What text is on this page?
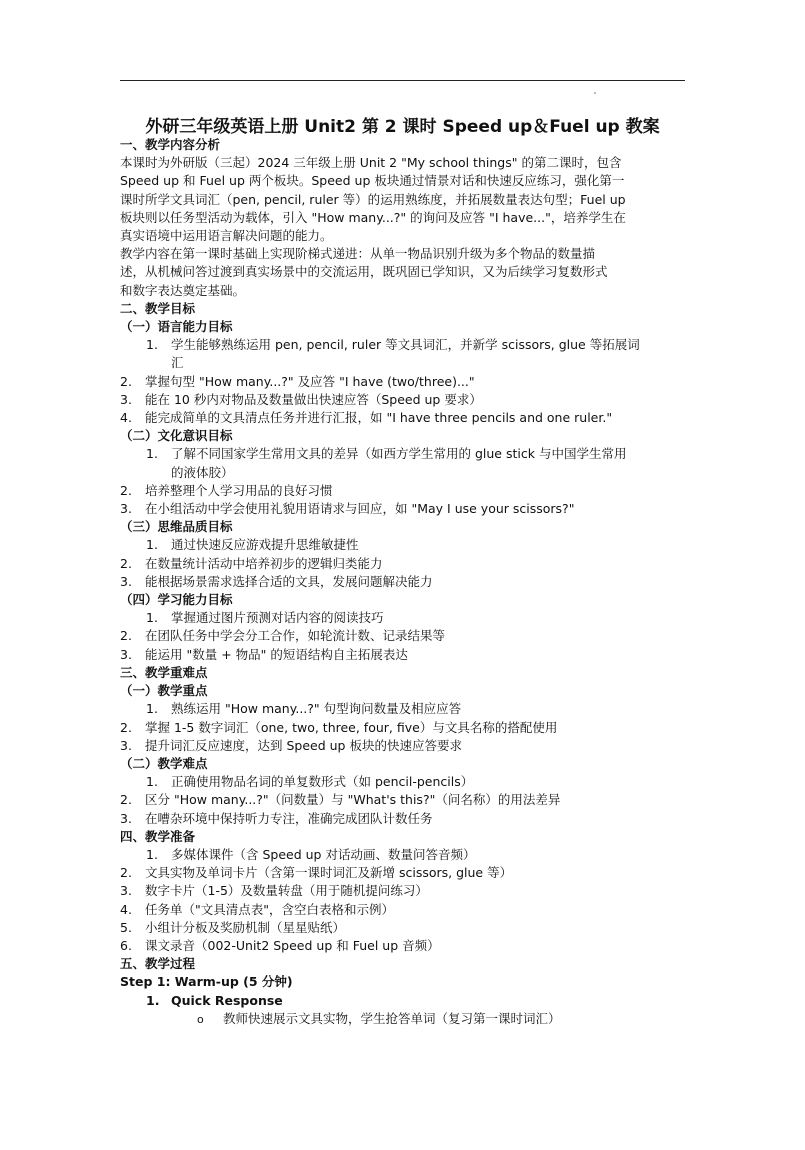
外研三年级英语上册 Unit2 第 2 课时 Speed up＆Fuel up 教案
一、教学内容分析
本课时为外研版（三起）2024 三年级上册 Unit 2 "My school things" 的第二课时，包含
Speed up 和 Fuel up 两个板块。Speed up 板块通过情景对话和快速反应练习，强化第一
课时所学文具词汇（pen, pencil, ruler 等）的运用熟练度，并拓展数量表达句型；Fuel up
板块则以任务型活动为载体，引入 "How many...?" 的询问及应答 "I have..."，培养学生在
真实语境中运用语言解决问题的能力。
教学内容在第一课时基础上实现阶梯式递进：从单一物品识别升级为多个物品的数量描
述，从机械问答过渡到真实场景中的交流运用，既巩固已学知识，又为后续学习复数形式
和数字表达奠定基础。
二、教学目标
（一）语言能力目标
1. 学生能够熟练运用 pen, pencil, ruler 等文具词汇，并新学 scissors, glue 等拓展词
汇
2. 掌握句型 "How many...?" 及应答 "I have (two/three)..."
3. 能在 10 秒内对物品及数量做出快速应答（Speed up 要求）
4. 能完成简单的文具清点任务并进行汇报，如 "I have three pencils and one ruler."
（二）文化意识目标
1. 了解不同国家学生常用文具的差异（如西方学生常用的 glue stick 与中国学生常用
的液体胶）
2. 培养整理个人学习用品的良好习惯
3. 在小组活动中学会使用礼貌用语请求与回应，如 "May I use your scissors?"
（三）思维品质目标
1. 通过快速反应游戏提升思维敏捷性
2. 在数量统计活动中培养初步的逻辑归类能力
3. 能根据场景需求选择合适的文具，发展问题解决能力
（四）学习能力目标
1. 掌握通过图片预测对话内容的阅读技巧
2. 在团队任务中学会分工合作，如轮流计数、记录结果等
3. 能运用 "数量 + 物品" 的短语结构自主拓展表达
三、教学重难点
（一）教学重点
1. 熟练运用 "How many...?" 句型询问数量及相应应答
2. 掌握 1-5 数字词汇（one, two, three, four, five）与文具名称的搭配使用
3. 提升词汇反应速度，达到 Speed up 板块的快速应答要求
（二）教学难点
1. 正确使用物品名词的单复数形式（如 pencil-pencils）
2. 区分 "How many...?"（问数量）与 "What's this?"（问名称）的用法差异
3. 在嘈杂环境中保持听力专注，准确完成团队计数任务
四、教学准备
1. 多媒体课件（含 Speed up 对话动画、数量问答音频）
2. 文具实物及单词卡片（含第一课时词汇及新增 scissors, glue 等）
3. 数字卡片（1-5）及数量转盘（用于随机提问练习）
4. 任务单（"文具清点表"，含空白表格和示例）
5. 小组计分板及奖励机制（星星贴纸）
6. 课文录音（002-Unit2 Speed up 和 Fuel up 音频）
五、教学过程
Step 1: Warm-up (5 分钟)
1. Quick Response
o 教师快速展示文具实物，学生抢答单词（复习第一课时词汇）
